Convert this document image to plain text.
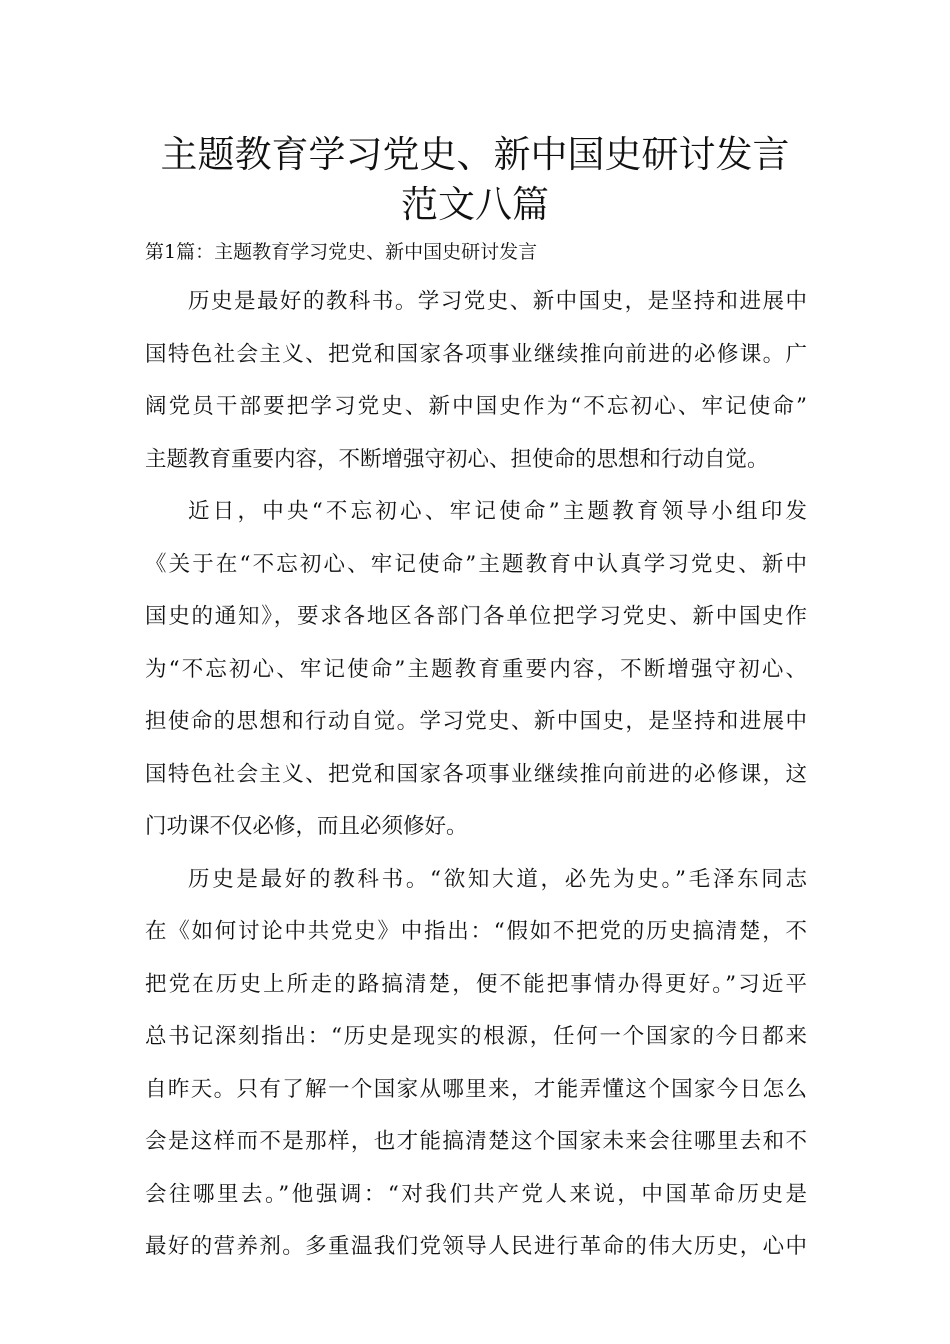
主题教育学习党史、新中国史研讨发言
范文八篇
第1篇：主题教育学习党史、新中国史研讨发言
历史是最好的教科书。学习党史、新中国史，是坚持和进展中
国特色社会主义、把党和国家各项事业继续推向前进的必修课。广
阔党员干部要把学习党史、新中国史作为“不忘初心、牢记使命”
主题教育重要内容，不断增强守初心、担使命的思想和行动自觉。
近日，中央“不忘初心、牢记使命”主题教育领导小组印发
《关于在“不忘初心、牢记使命”主题教育中认真学习党史、新中
国史的通知》，要求各地区各部门各单位把学习党史、新中国史作
为“不忘初心、牢记使命”主题教育重要内容，不断增强守初心、
担使命的思想和行动自觉。学习党史、新中国史，是坚持和进展中
国特色社会主义、把党和国家各项事业继续推向前进的必修课，这
门功课不仅必修，而且必须修好。
历史是最好的教科书。“欲知大道，必先为史。”毛泽东同志
在《如何讨论中共党史》中指出：“假如不把党的历史搞清楚，不
把党在历史上所走的路搞清楚，便不能把事情办得更好。”习近平
总书记深刻指出：“历史是现实的根源，任何一个国家的今日都来
自昨天。只有了解一个国家从哪里来，才能弄懂这个国家今日怎么
会是这样而不是那样，也才能搞清楚这个国家未来会往哪里去和不
会往哪里去。”他强调：“对我们共产党人来说，中国革命历史是
最好的营养剂。多重温我们党领导人民进行革命的伟大历史，心中
